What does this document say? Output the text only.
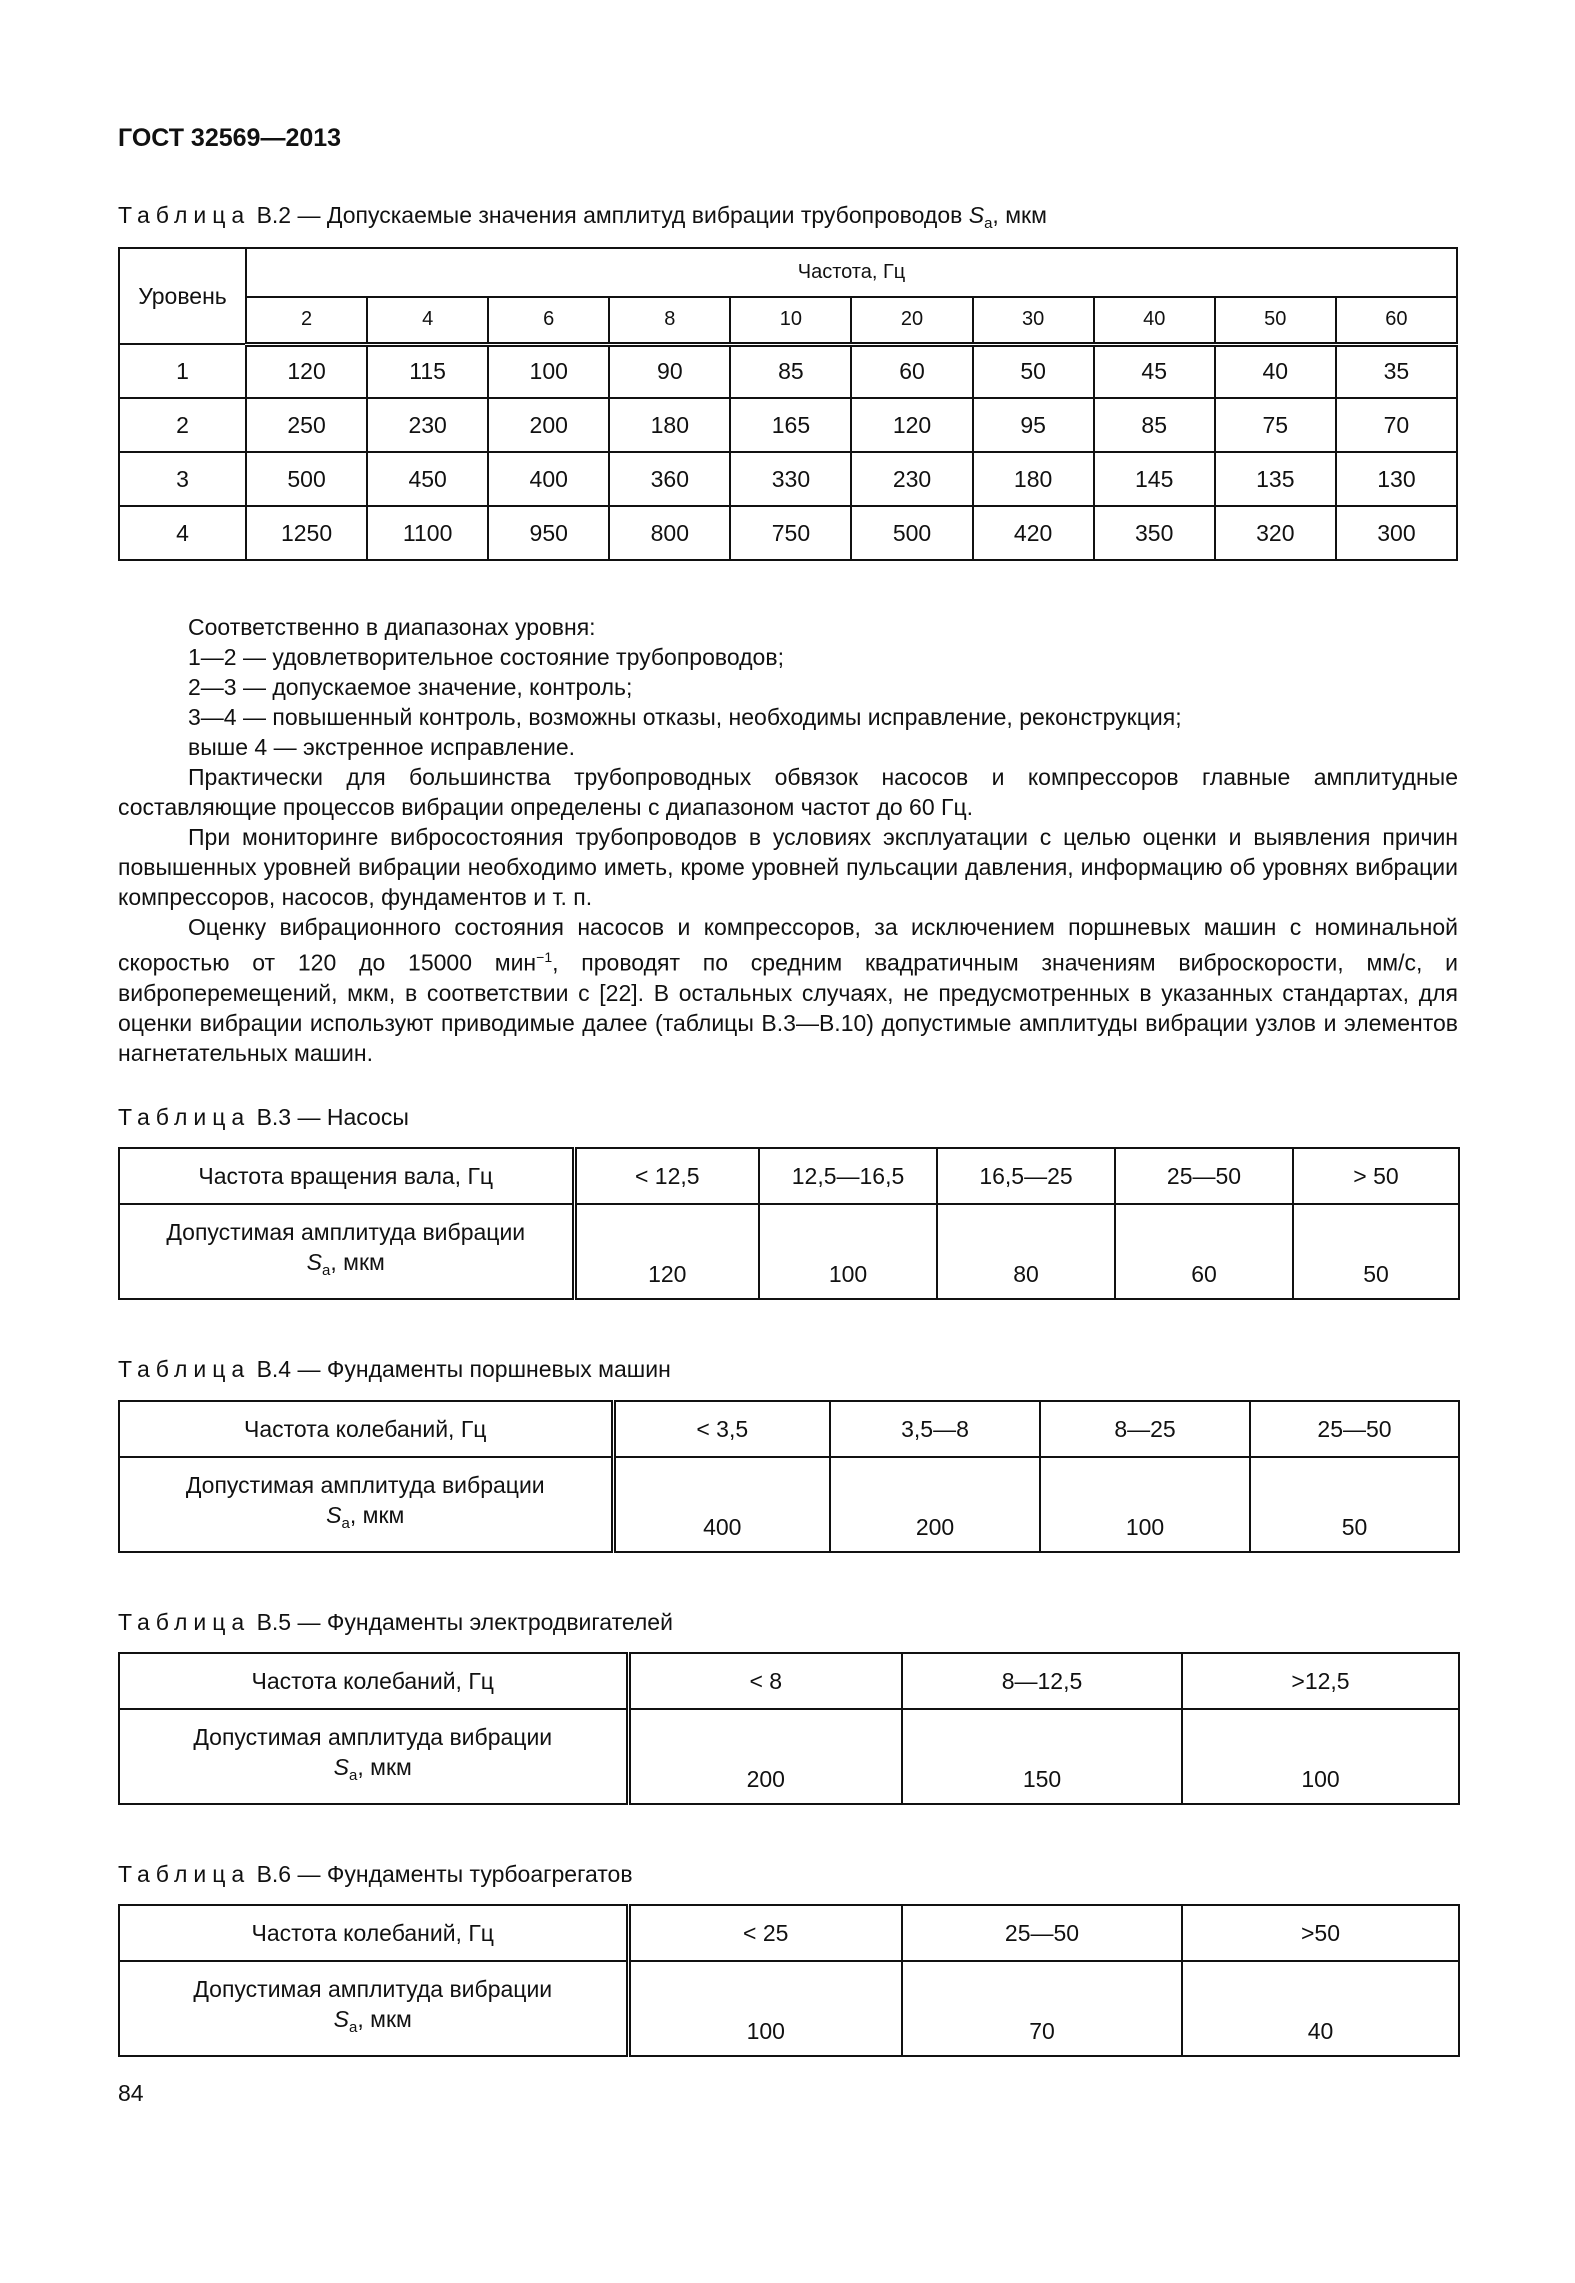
ГОСТ 32569—2013
Таблица В.2 — Допускаемые значения амплитуд вибрации трубопроводов $S_a$, мкм
Уровень	Частота, Гц									
	2	4	6	8	10	20	30	40	50	60
1	120	115	100	90	85	60	50	45	40	35
2	250	230	200	180	165	120	95	85	75	70
3	500	450	400	360	330	230	180	145	135	130
4	1250	1100	950	800	750	500	420	350	320	300

Соответственно в диапазонах уровня:

1—2 — удовлетворительное состояние трубопроводов;

2—3 — допускаемое значение, контроль;

3—4 — повышенный контроль, возможны отказы, необходимы исправление, реконструкция;

выше 4 — экстренное исправление.

Практически для большинства трубопроводных обвязок насосов и компрессоров главные амплитудные составляющие процессов вибрации определены с диапазоном частот до 60 Гц.

При мониторинге вибросостояния трубопроводов в условиях эксплуатации с целью оценки и выявления причин повышенных уровней вибрации необходимо иметь, кроме уровней пульсации давления, информацию об уровнях вибрации компрессоров, насосов, фундаментов и т. п.

Оценку вибрационного состояния насосов и компрессоров, за исключением поршневых машин с номинальной скоростью от 120 до 15000 мин$^{-1}$, проводят по средним квадратичным значениям виброскорости, мм/с, и виброперемещений, мкм, в соответствии с [22]. В остальных случаях, не предусмотренных в указанных стандартах, для оценки вибрации используют приводимые далее (таблицы В.3—В.10) допустимые амплитуды вибрации узлов и элементов нагнетательных машин.

Таблица В.3 — Насосы
Частота вращения вала, Гц	< 12,5	12,5—16,5	16,5—25	25—50	> 50
Допустимая амплитуда вибрации
$S_a$, мкм	120	100	80	60	50
Таблица В.4 — Фундаменты поршневых машин
Частота колебаний, Гц	< 3,5	3,5—8	8—25	25—50
Допустимая амплитуда вибрации
$S_a$, мкм	400	200	100	50
Таблица В.5 — Фундаменты электродвигателей
Частота колебаний, Гц	< 8	8—12,5	>12,5
Допустимая амплитуда вибрации
$S_a$, мкм	200	150	100
Таблица В.6 — Фундаменты турбоагрегатов
Частота колебаний, Гц	< 25	25—50	>50
Допустимая амплитуда вибрации
$S_a$, мкм	100	70	40
84
